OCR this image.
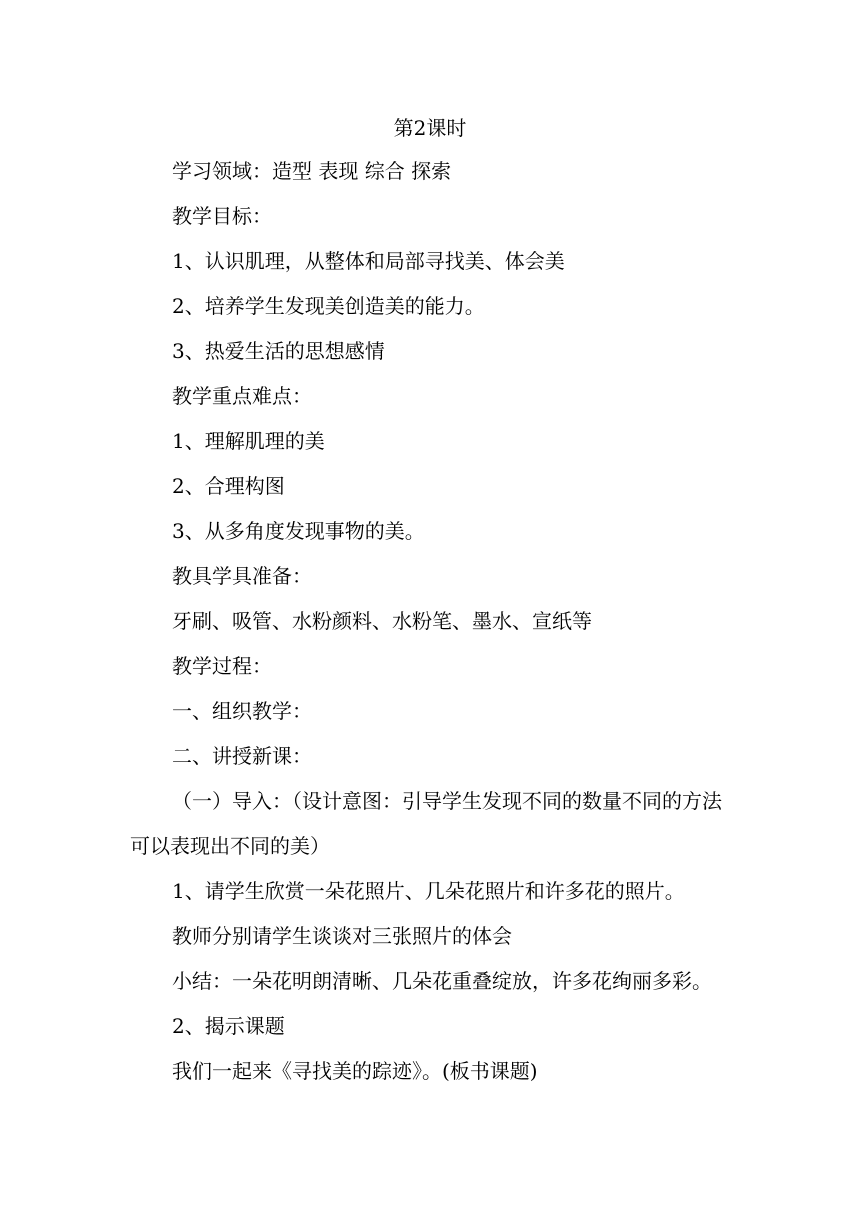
第2课时
学习领域：造型 表现 综合 探索
教学目标：
1、认识肌理，从整体和局部寻找美、体会美
2、培养学生发现美创造美的能力。
3、热爱生活的思想感情
教学重点难点：
1、理解肌理的美
2、合理构图
3、从多角度发现事物的美。
教具学具准备：
牙刷、吸管、水粉颜料、水粉笔、墨水、宣纸等
教学过程：
一、组织教学：
二、讲授新课：
（一）导入：（设计意图：引导学生发现不同的数量不同的方法
可以表现出不同的美）
1、请学生欣赏一朵花照片、几朵花照片和许多花的照片。
教师分别请学生谈谈对三张照片的体会
小结：一朵花明朗清晰、几朵花重叠绽放，许多花绚丽多彩。
2、揭示课题
我们一起来《寻找美的踪迹》。(板书课题)
